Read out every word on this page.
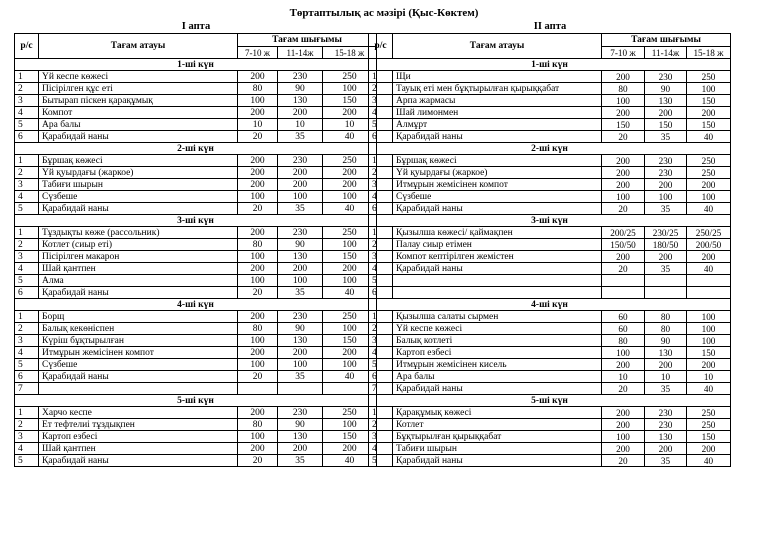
Төртаптылық ас мәзірі (Қыс-Көктем)
І апта
р/с	Тағам атауы	Тағам шығымы		
		7-10 ж	11-14ж	15-18 ж
1-ші күн				
1	Үй кеспе көжесі	200	230	250
2	Пісірілген құс еті	80	90	100
3	Бытырап піскен қарақұмық	100	130	150
4	Компот	200	200	200
5	Ара балы	10	10	10
6	Қарабидай наны	20	35	40
2-ші күн				
1	Бұршақ көжесі	200	230	250
2	Үй қуырдағы (жаркое)	200	200	200
3	Табиғи шырын	200	200	200
4	Сүзбеше	100	100	100
5	Қарабидай наны	20	35	40
3-ші күн				
1	Тұздықты көже (рассольник)	200	230	250
2	Котлет (сиыр еті)	80	90	100
3	Пісірілген макарон	100	130	150
4	Шай қантпен	200	200	200
5	Алма	100	100	100
6	Қарабидай наны	20	35	40
4-ші күн				
1	Борщ	200	230	250
2	Балық кекөніспен	80	90	100
3	Күріш бұқтырылған	100	130	150
4	Итмұрын жемісінен компот	200	200	200
5	Сүзбеше	100	100	100
6	Қарабидай наны	20	35	40
7				
5-ші күн				
1	Харчо кеспе	200	230	250
2	Ет тефтелиі тұздықпен	80	90	100
3	Картоп езбесі	100	130	150
4	Шай қантпен	200	200	200
5	Қарабидай наны	20	35	40
ІІ апта
р/с	Тағам атауы	Тағам шығымы		
		7-10 ж	11-14ж	15-18 ж
1-ші күн				
1	Щи	200	230	250
2	Тауық еті мен бұқтырылған қырыққабат	80	90	100
3	Арпа жармасы	100	130	150
4	Шай лимонмен	200	200	200
5	Алмұрт	150	150	150
6	Қарабидай наны	20	35	40
2-ші күн				
1	Бұршақ көжесі	200	230	250
2	Үй қуырдағы (жаркое)	200	230	250
3	Итмұрын жемісінен компот	200	200	200
4	Сүзбеше	100	100	100
6	Қарабидай наны	20	35	40
3-ші күн				
1	Қызылша көжесі/ қаймақпен	200/25	230/25	250/25
2	Палау сиыр етімен	150/50	180/50	200/50
3	Компот кептірілген жемістен	200	200	200
4	Қарабидай наны	20	35	40
5				
6				
4-ші күн				
1	Қызылша салаты сырмен	60	80	100
2	Үй кеспе көжесі	60	80	100
3	Балық котлеті	80	90	100
4	Картоп езбесі	100	130	150
5	Итмұрын жемісінен кисель	200	200	200
6	Ара балы	10	10	10
7	Қарабидай наны	20	35	40
5-ші күн				
1	Қарақұмық көжесі	200	230	250
2	Котлет	200	230	250
3	Бұқтырылған қырыққабат	100	130	150
4	Табиғи шырын	200	200	200
5	Қарабидай наны	20	35	40
